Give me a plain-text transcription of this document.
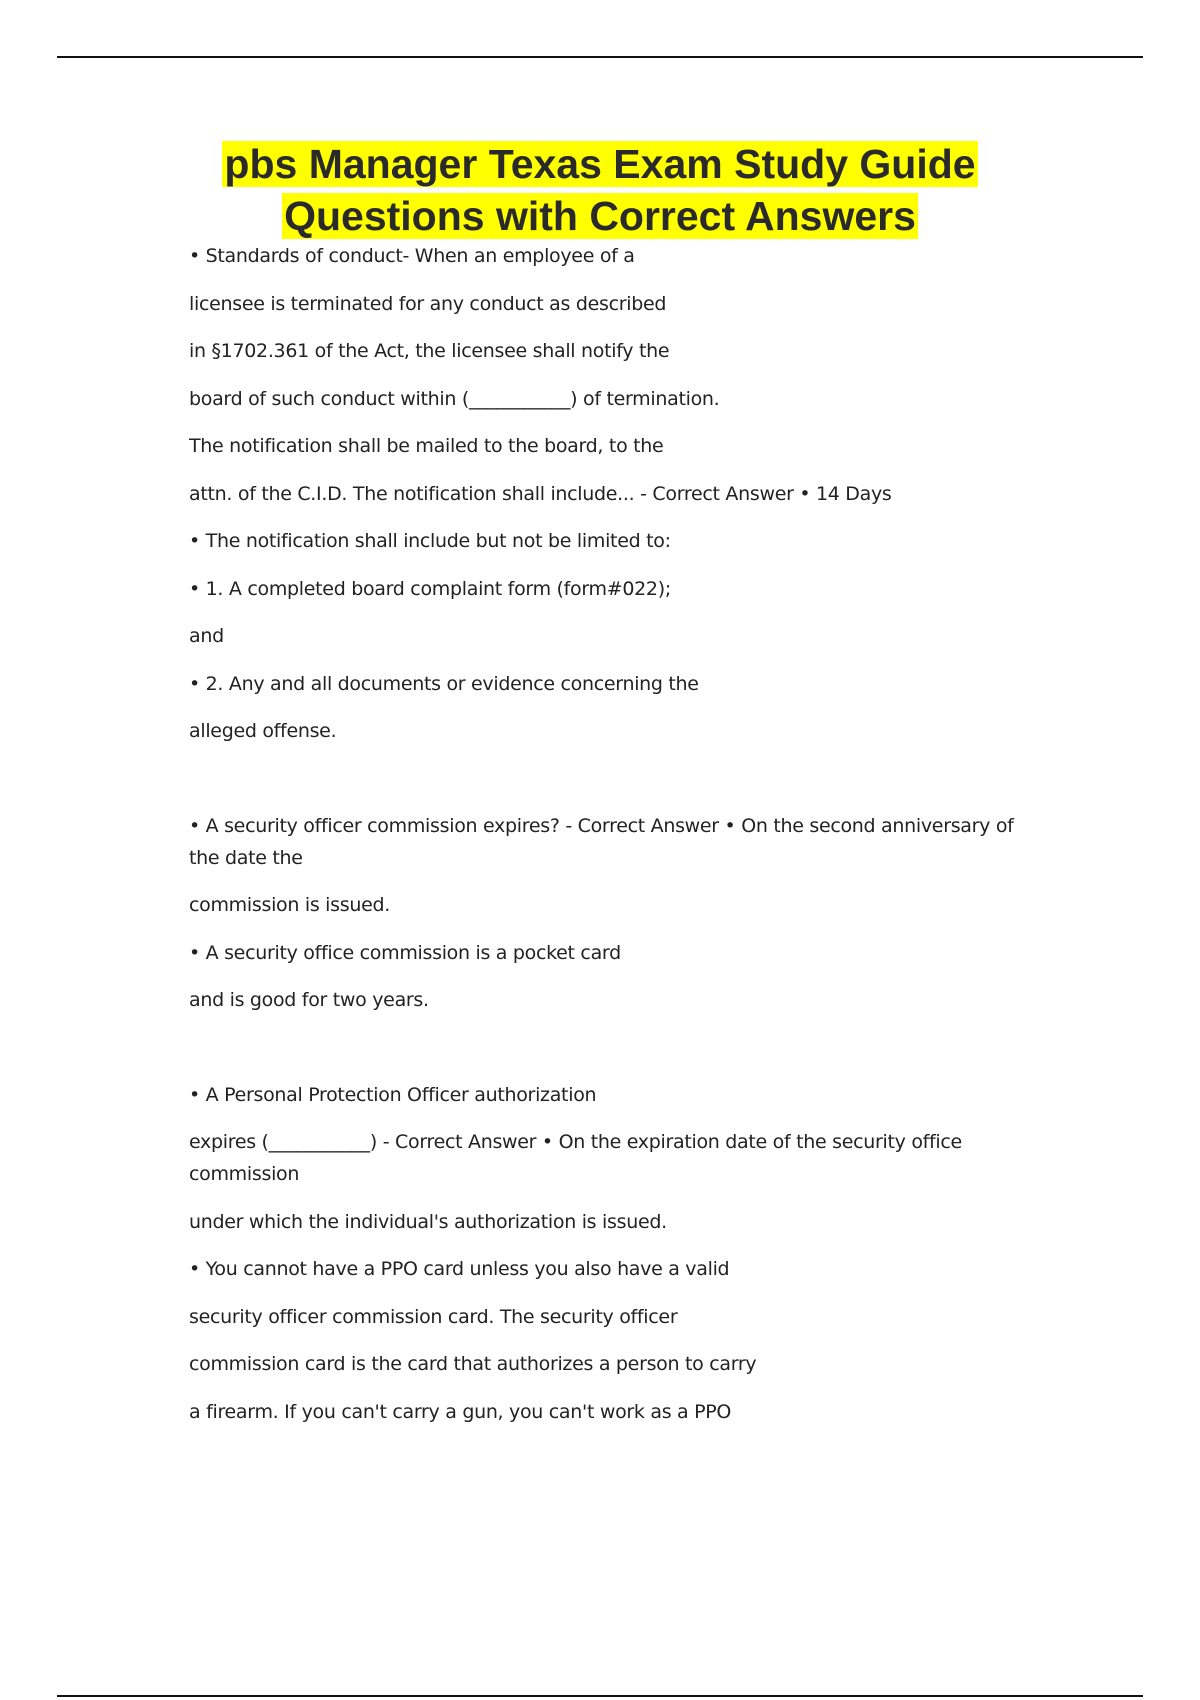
pbs Manager Texas Exam Study Guide
Questions with Correct Answers
• Standards of conduct- When an employee of a
licensee is terminated for any conduct as described
in §1702.361 of the Act, the licensee shall notify the
board of such conduct within (___________) of termination.
The notification shall be mailed to the board, to the
attn. of the C.I.D. The notification shall include... - Correct Answer • 14 Days
• The notification shall include but not be limited to:
• 1. A completed board complaint form (form#022);
and
• 2. Any and all documents or evidence concerning the
alleged offense.
• A security officer commission expires? - Correct Answer • On the second anniversary of the date the
commission is issued.
• A security office commission is a pocket card
and is good for two years.
• A Personal Protection Officer authorization
expires (___________) - Correct Answer • On the expiration date of the security office commission
under which the individual's authorization is issued.
• You cannot have a PPO card unless you also have a valid
security officer commission card. The security officer
commission card is the card that authorizes a person to carry
a firearm. If you can't carry a gun, you can't work as a PPO
